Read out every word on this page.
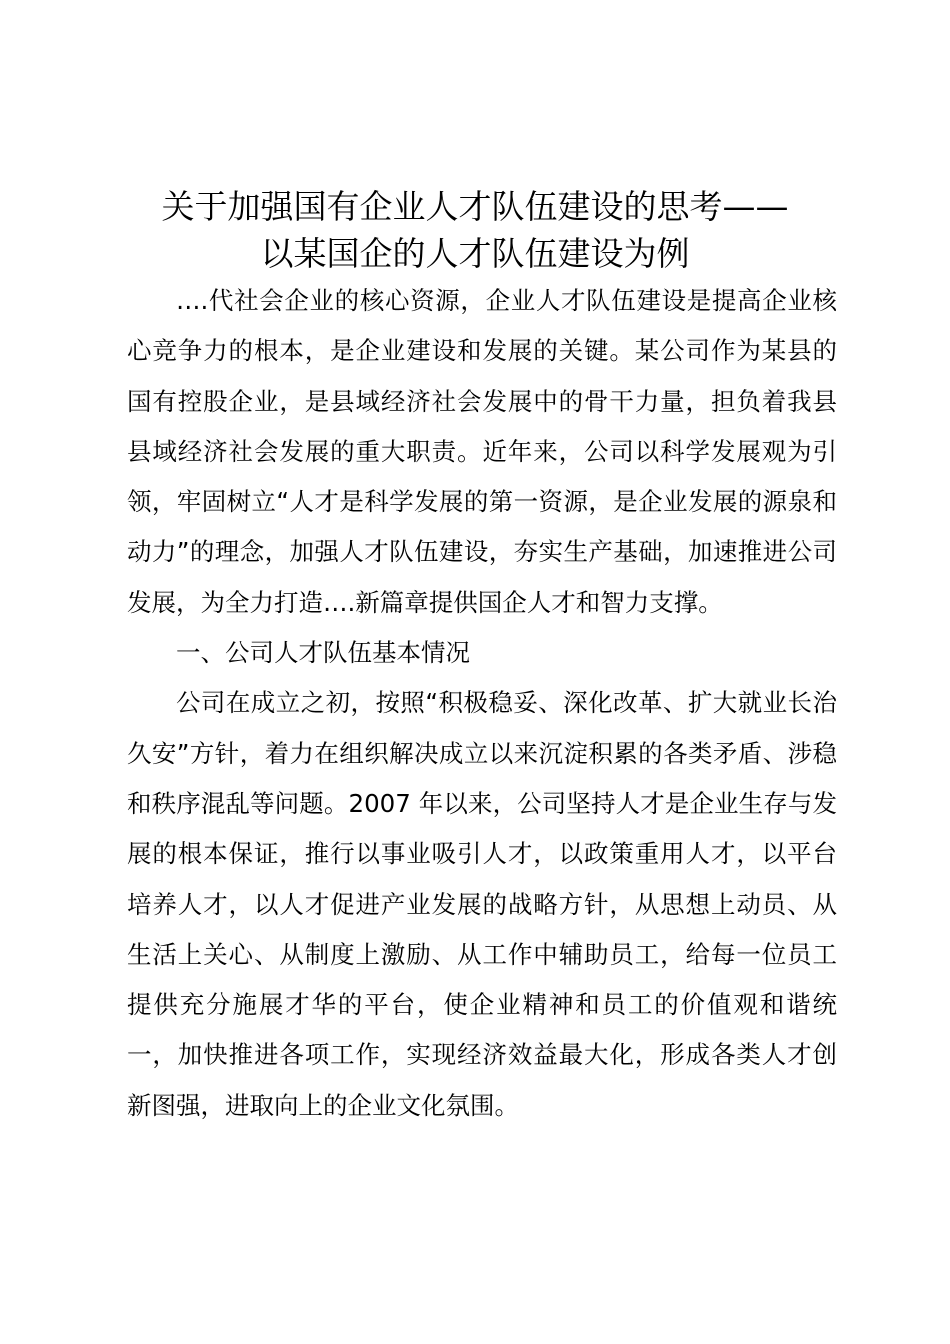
关于加强国有企业人才队伍建设的思考——
以某国企的人才队伍建设为例

….代社会企业的核心资源，企业人才队伍建设是提高企业核心竞争力的根本，是企业建设和发展的关键。某公司作为某县的国有控股企业，是县域经济社会发展中的骨干力量，担负着我县县域经济社会发展的重大职责。近年来，公司以科学发展观为引领，牢固树立“人才是科学发展的第一资源，是企业发展的源泉和动力”的理念，加强人才队伍建设，夯实生产基础，加速推进公司发展，为全力打造….新篇章提供国企人才和智力支撑。

一、公司人才队伍基本情况

公司在成立之初，按照“积极稳妥、深化改革、扩大就业长治久安”方针，着力在组织解决成立以来沉淀积累的各类矛盾、涉稳和秩序混乱等问题。2007 年以来，公司坚持人才是企业生存与发展的根本保证，推行以事业吸引人才，以政策重用人才，以平台培养人才，以人才促进产业发展的战略方针，从思想上动员、从生活上关心、从制度上激励、从工作中辅助员工，给每一位员工提供充分施展才华的平台，使企业精神和员工的价值观和谐统一，加快推进各项工作，实现经济效益最大化，形成各类人才创新图强，进取向上的企业文化氛围。
